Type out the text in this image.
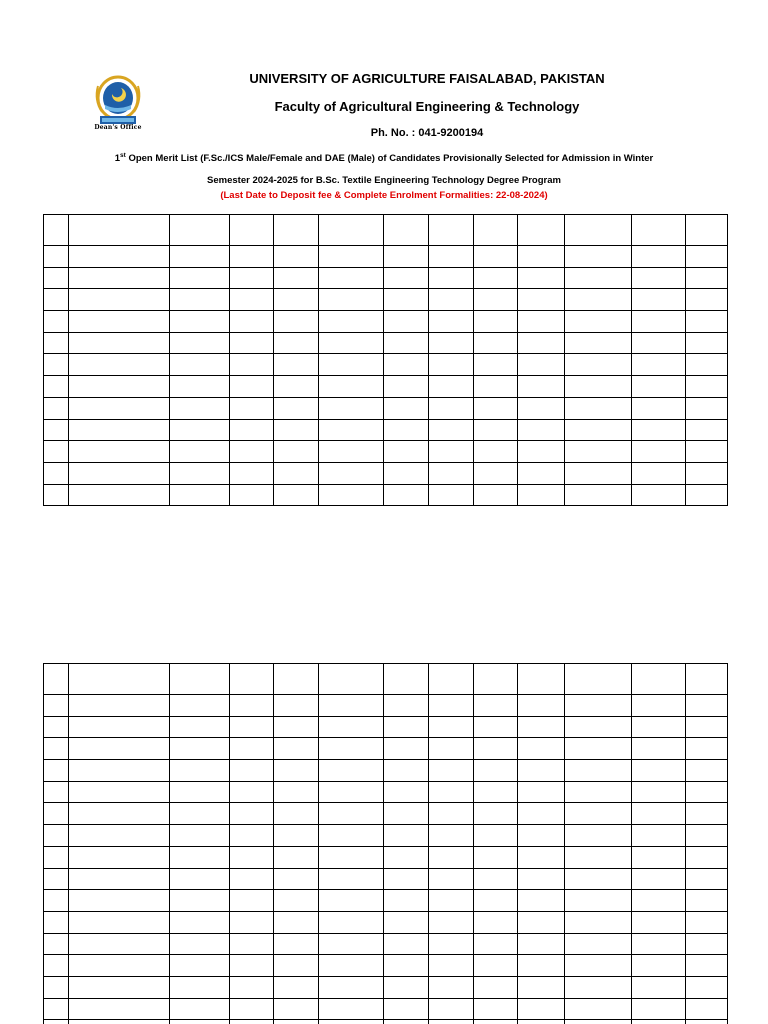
Dean's Office
UNIVERSITY OF AGRICULTURE FAISALABAD, PAKISTAN
Faculty of Agricultural Engineering & Technology
Ph. No. : 041-9200194
1st Open Merit List (F.Sc./ICS Male/Female and DAE (Male) of Candidates Provisionally Selected for Admission in Winter
Semester 2024-2025 for B.Sc. Textile Engineering Technology Degree Program
(Last Date to Deposit fee & Complete Enrolment Formalities: 22-08-2024)
